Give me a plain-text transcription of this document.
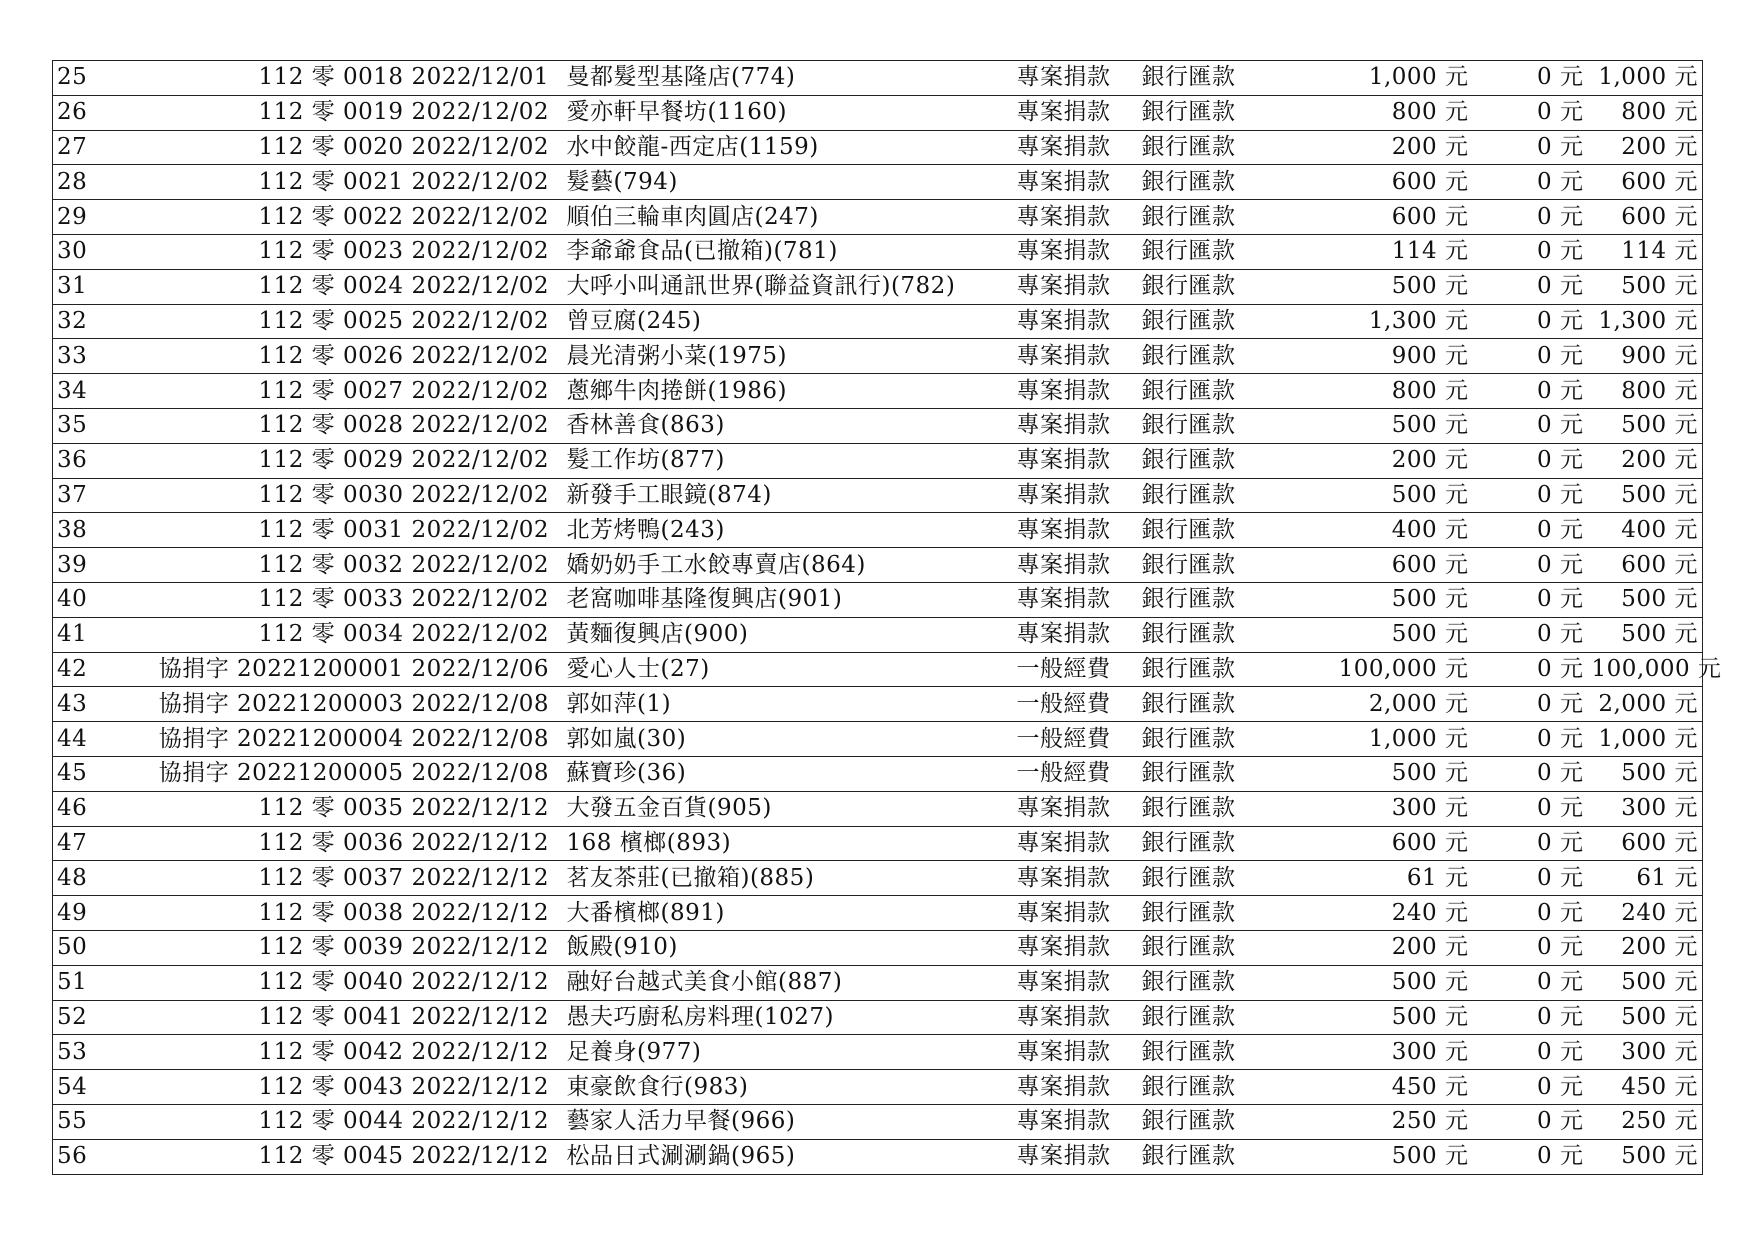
25	112 零 0018	2022/12/01	曼都髮型基隆店(774)	專案捐款	銀行匯款	1,000 元	0 元	1,000 元
26	112 零 0019	2022/12/02	愛亦軒早餐坊(1160)	專案捐款	銀行匯款	800 元	0 元	800 元
27	112 零 0020	2022/12/02	水中餃龍-西定店(1159)	專案捐款	銀行匯款	200 元	0 元	200 元
28	112 零 0021	2022/12/02	髮藝(794)	專案捐款	銀行匯款	600 元	0 元	600 元
29	112 零 0022	2022/12/02	順伯三輪車肉圓店(247)	專案捐款	銀行匯款	600 元	0 元	600 元
30	112 零 0023	2022/12/02	李爺爺食品(已撤箱)(781)	專案捐款	銀行匯款	114 元	0 元	114 元
31	112 零 0024	2022/12/02	大呼小叫通訊世界(聯益資訊行)(782)	專案捐款	銀行匯款	500 元	0 元	500 元
32	112 零 0025	2022/12/02	曾豆腐(245)	專案捐款	銀行匯款	1,300 元	0 元	1,300 元
33	112 零 0026	2022/12/02	晨光清粥小菜(1975)	專案捐款	銀行匯款	900 元	0 元	900 元
34	112 零 0027	2022/12/02	蔥鄉牛肉捲餅(1986)	專案捐款	銀行匯款	800 元	0 元	800 元
35	112 零 0028	2022/12/02	香林善食(863)	專案捐款	銀行匯款	500 元	0 元	500 元
36	112 零 0029	2022/12/02	髮工作坊(877)	專案捐款	銀行匯款	200 元	0 元	200 元
37	112 零 0030	2022/12/02	新發手工眼鏡(874)	專案捐款	銀行匯款	500 元	0 元	500 元
38	112 零 0031	2022/12/02	北芳烤鴨(243)	專案捐款	銀行匯款	400 元	0 元	400 元
39	112 零 0032	2022/12/02	嬌奶奶手工水餃專賣店(864)	專案捐款	銀行匯款	600 元	0 元	600 元
40	112 零 0033	2022/12/02	老窩咖啡基隆復興店(901)	專案捐款	銀行匯款	500 元	0 元	500 元
41	112 零 0034	2022/12/02	黃麵復興店(900)	專案捐款	銀行匯款	500 元	0 元	500 元
42	協捐字 20221200001	2022/12/06	愛心人士(27)	一般經費	銀行匯款	100,000 元	0 元	100,000 元
43	協捐字 20221200003	2022/12/08	郭如萍(1)	一般經費	銀行匯款	2,000 元	0 元	2,000 元
44	協捐字 20221200004	2022/12/08	郭如嵐(30)	一般經費	銀行匯款	1,000 元	0 元	1,000 元
45	協捐字 20221200005	2022/12/08	蘇寶珍(36)	一般經費	銀行匯款	500 元	0 元	500 元
46	112 零 0035	2022/12/12	大發五金百貨(905)	專案捐款	銀行匯款	300 元	0 元	300 元
47	112 零 0036	2022/12/12	168 檳榔(893)	專案捐款	銀行匯款	600 元	0 元	600 元
48	112 零 0037	2022/12/12	茗友茶莊(已撤箱)(885)	專案捐款	銀行匯款	61 元	0 元	61 元
49	112 零 0038	2022/12/12	大番檳榔(891)	專案捐款	銀行匯款	240 元	0 元	240 元
50	112 零 0039	2022/12/12	飯殿(910)	專案捐款	銀行匯款	200 元	0 元	200 元
51	112 零 0040	2022/12/12	融好台越式美食小館(887)	專案捐款	銀行匯款	500 元	0 元	500 元
52	112 零 0041	2022/12/12	愚夫巧廚私房料理(1027)	專案捐款	銀行匯款	500 元	0 元	500 元
53	112 零 0042	2022/12/12	足養身(977)	專案捐款	銀行匯款	300 元	0 元	300 元
54	112 零 0043	2022/12/12	東豪飲食行(983)	專案捐款	銀行匯款	450 元	0 元	450 元
55	112 零 0044	2022/12/12	藝家人活力早餐(966)	專案捐款	銀行匯款	250 元	0 元	250 元
56	112 零 0045	2022/12/12	松品日式涮涮鍋(965)	專案捐款	銀行匯款	500 元	0 元	500 元
